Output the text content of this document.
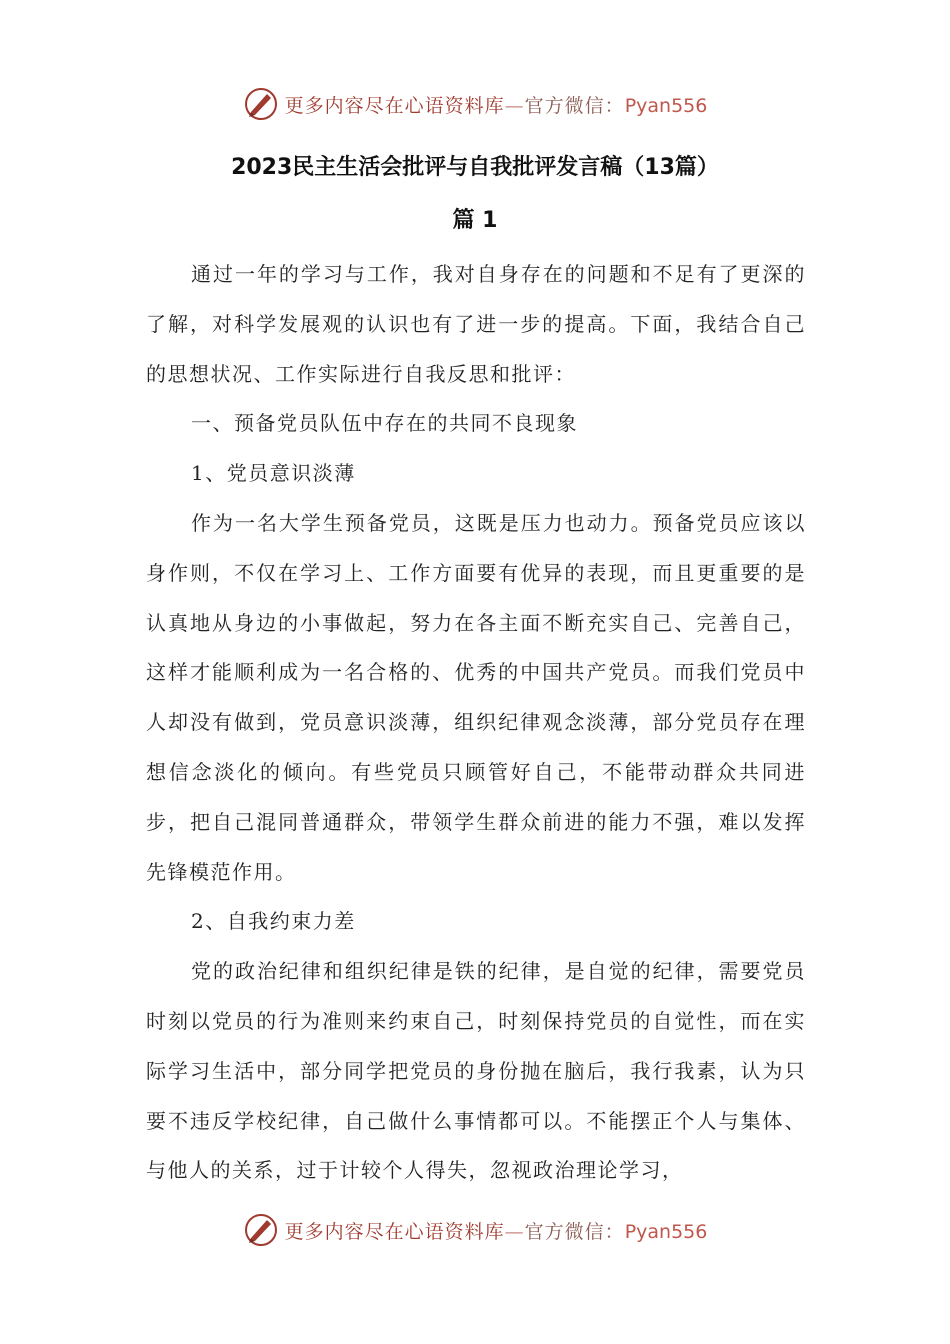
更多内容尽在心语资料库—官方微信：Pyan556
2023民主生活会批评与自我批评发言稿（13篇）
篇 1

通过一年的学习与工作，我对自身存在的问题和不足有了更深的了解，对科学发展观的认识也有了进一步的提高。下面，我结合自己的思想状况、工作实际进行自我反思和批评：

一、预备党员队伍中存在的共同不良现象

1、党员意识淡薄

作为一名大学生预备党员，这既是压力也动力。预备党员应该以身作则，不仅在学习上、工作方面要有优异的表现，而且更重要的是认真地从身边的小事做起，努力在各主面不断充实自己、完善自己，这样才能顺利成为一名合格的、优秀的中国共产党员。而我们党员中人却没有做到，党员意识淡薄，组织纪律观念淡薄，部分党员存在理想信念淡化的倾向。有些党员只顾管好自己，不能带动群众共同进步，把自己混同普通群众，带领学生群众前进的能力不强，难以发挥先锋模范作用。

2、自我约束力差

党的政治纪律和组织纪律是铁的纪律，是自觉的纪律，需要党员时刻以党员的行为准则来约束自己，时刻保持党员的自觉性，而在实际学习生活中，部分同学把党员的身份抛在脑后，我行我素，认为只要不违反学校纪律，自己做什么事情都可以。不能摆正个人与集体、与他人的关系，过于计较个人得失，忽视政治理论学习，

更多内容尽在心语资料库—官方微信：Pyan556
